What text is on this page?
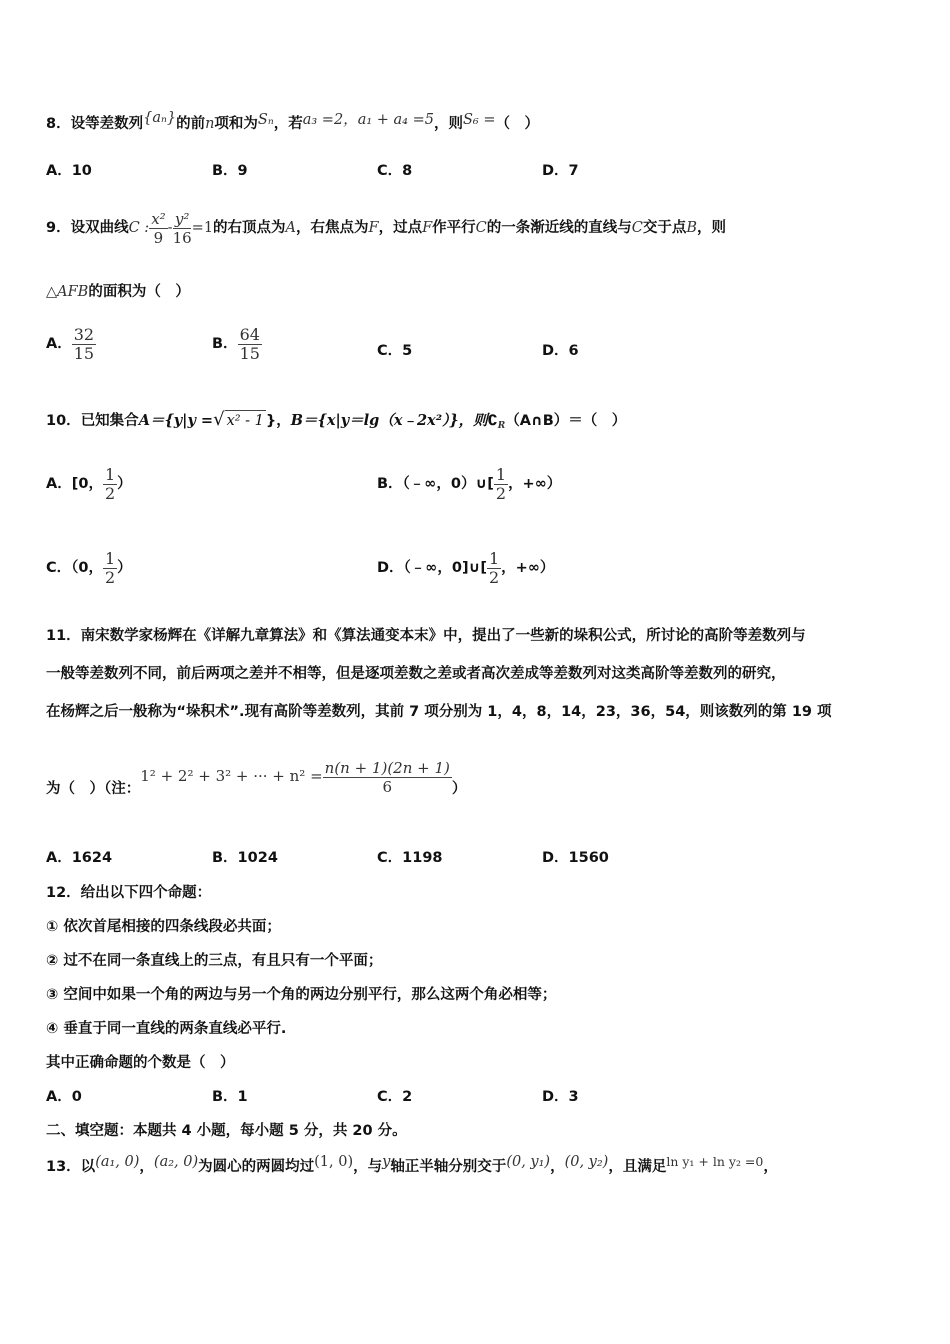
8．设等差数列{aₙ}的前n项和为Sₙ，若a₃ =2，a₁ + a₄ =5，则S₆ =（　）
A．10	B．9	C．8	D．7
9．设双曲线C : $\frac{\text{x²}}{9} - \frac{\text{y²}}{16} =1$的右顶点为A，右焦点为F，过点F作平行C的一条渐近线的直线与C交于点B，则
△AFB的面积为（　）
A． $\frac{32}{15}$	B． $\frac{64}{15}$	C．5	D．6
10．已知集合A＝{y|y =√ x² - 1 }，B＝{x|y＝lg（x﹣2x²）}，则$∁_R(A\cap B)=$（　）
A．[0， $\frac{1}{2}$ ）	B．（﹣∞，0）∪[ $\frac{1}{2}$ ，+∞）
C．（0， $\frac{1}{2}$ ）	D．（﹣∞，0]∪[ $\frac{1}{2}$ ，+∞）
11．南宋数学家杨辉在《详解九章算法》和《算法通变本末》中，提出了一些新的垛积公式，所讨论的高阶等差数列与
一般等差数列不同，前后两项之差并不相等，但是逐项差数之差或者高次差成等差数列对这类高阶等差数列的研究，
在杨辉之后一般称为“垛积术”.现有高阶等差数列，其前 7 项分别为 1，4，8，14，23，36，54，则该数列的第 19 项
为（　）（注：1² + 2² + 3² + ··· + $n^2 = \frac{n(n + 1)(2n + 1)}{6}$ ）
A．1624	B．1024	C．1198	D．1560
12．给出以下四个命题：
① 依次首尾相接的四条线段必共面；
② 过不在同一条直线上的三点，有且只有一个平面；
③ 空间中如果一个角的两边与另一个角的两边分别平行，那么这两个角必相等；
④ 垂直于同一直线的两条直线必平行.
其中正确命题的个数是（　）
A．0	B．1	C．2	D．3
二、填空题：本题共 4 小题，每小题 5 分，共 20 分。
13．以(a₁, 0)，(a₂, 0)为圆心的两圆均过(1, 0)，与y轴正半轴分别交于(0, y₁)，(0, y₂)，且满足ln y₁ + ln y₂ =0，
